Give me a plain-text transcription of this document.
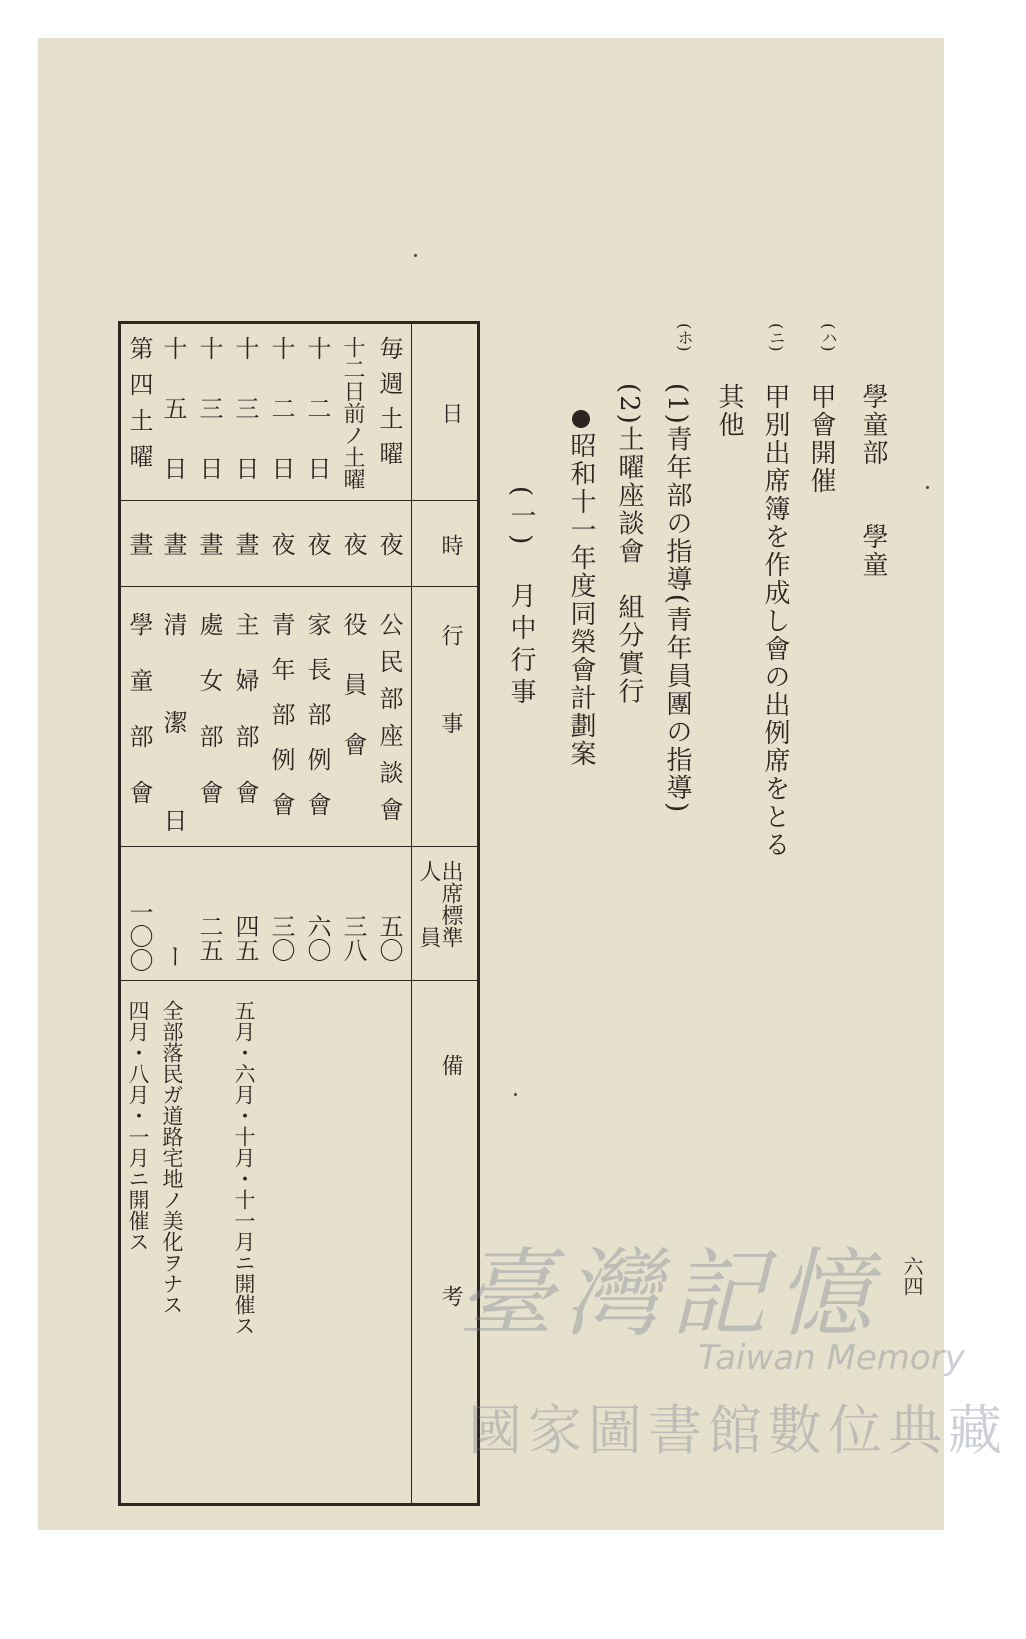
六四
(ハ)
學童部　　學童
(ニ)
甲會開催
甲別出席簿を作成し會の出例席をとる
(ホ)
其他
(1)青年部の指導(青年員團の指導)
(2)土曜座談會　組分實行
昭和十一年度同榮會計劃案
(一)　月中行事
日
時
行　　　事
出席標準
人　　員
備　　　　　　考
毎週土曜
夜
公民部座談會
五〇
十二日前ノ土曜
夜
役　員　會
三八
十　二　日
夜
家長部例會
六〇
十　二　日
夜
青年部例會
三〇
十　三　日
晝
主婦部會
四五
五月・六月・十月・十一月ニ開催ス
十　三　日
晝
處女部會
二五
十　五　日
晝
清潔日
ー
全部落民ガ道路宅地ノ美化ヲナス
第四土曜
晝
學童部會
一〇〇
四月・八月・一月ニ開催ス
臺灣記憶
Taiwan Memory
國家圖書館數位典藏
